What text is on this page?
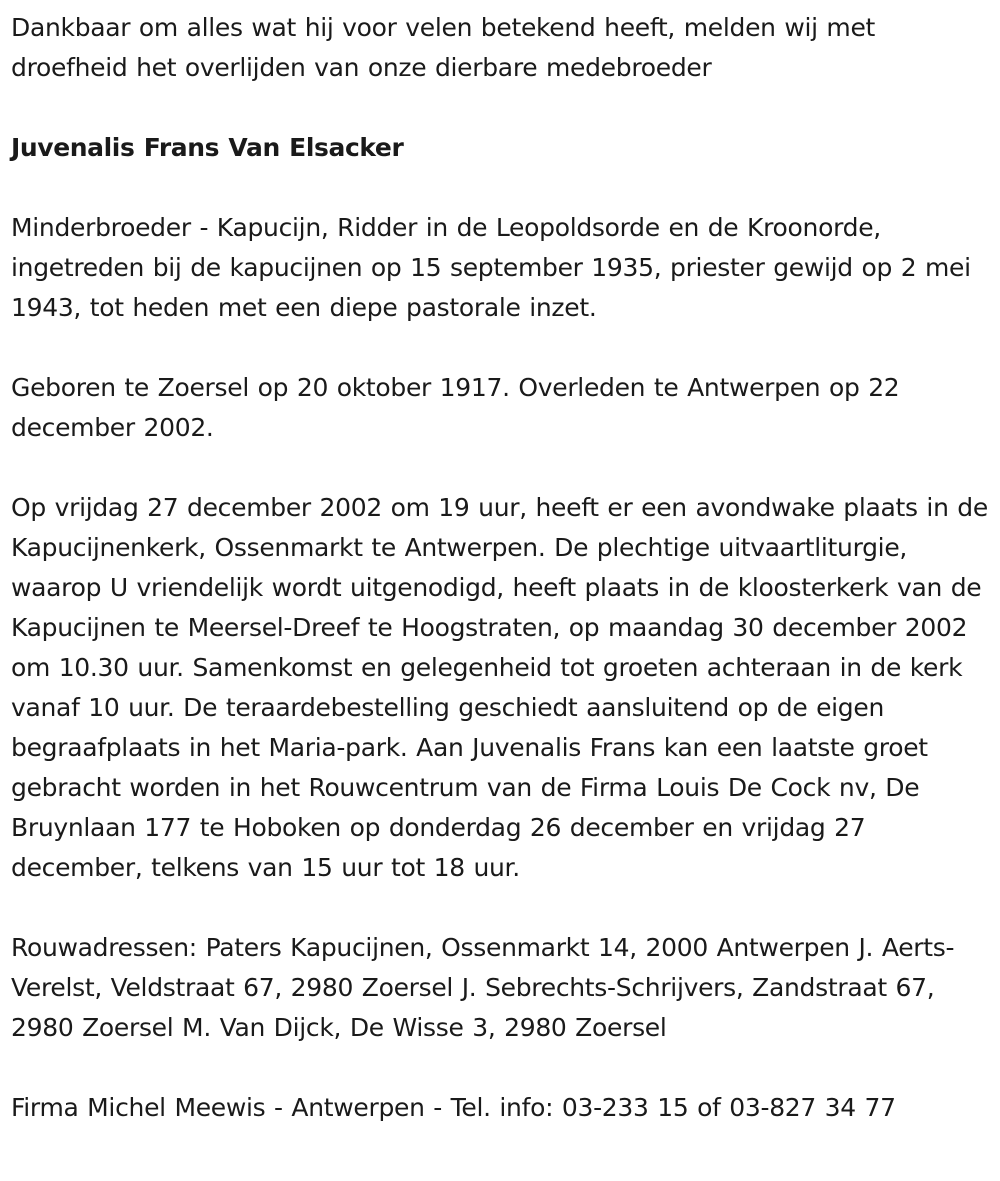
Dankbaar om alles wat hij voor velen betekend heeft, melden wij met droefheid het overlijden van onze dierbare medebroeder

Juvenalis Frans Van Elsacker

Minderbroeder - Kapucijn, Ridder in de Leopoldsorde en de Kroonorde, ingetreden bij de kapucijnen op 15 september 1935, priester gewijd op 2 mei 1943, tot heden met een diepe pastorale inzet.

Geboren te Zoersel op 20 oktober 1917. Overleden te Antwerpen op 22 december 2002.

Op vrijdag 27 december 2002 om 19 uur, heeft er een avondwake plaats in de Kapucijnenkerk, Ossenmarkt te Antwerpen. De plechtige uitvaartliturgie, waarop U vriendelijk wordt uitgenodigd, heeft plaats in de kloosterkerk van de Kapucijnen te Meersel-Dreef te Hoogstraten, op maandag 30 december 2002 om 10.30 uur. Samenkomst en gelegenheid tot groeten achteraan in de kerk vanaf 10 uur. De teraardebestelling geschiedt aansluitend op de eigen begraafplaats in het Maria-park. Aan Juvenalis Frans kan een laatste groet gebracht worden in het Rouwcentrum van de Firma Louis De Cock nv, De Bruynlaan 177 te Hoboken op donderdag 26 december en vrijdag 27 december, telkens van 15 uur tot 18 uur.

Rouwadressen: Paters Kapucijnen, Ossenmarkt 14, 2000 Antwerpen J. Aerts-Verelst, Veldstraat 67, 2980 Zoersel J. Sebrechts-Schrijvers, Zandstraat 67, 2980 Zoersel M. Van Dijck, De Wisse 3, 2980 Zoersel

Firma Michel Meewis - Antwerpen - Tel. info: 03-233 15 of 03-827 34 77
